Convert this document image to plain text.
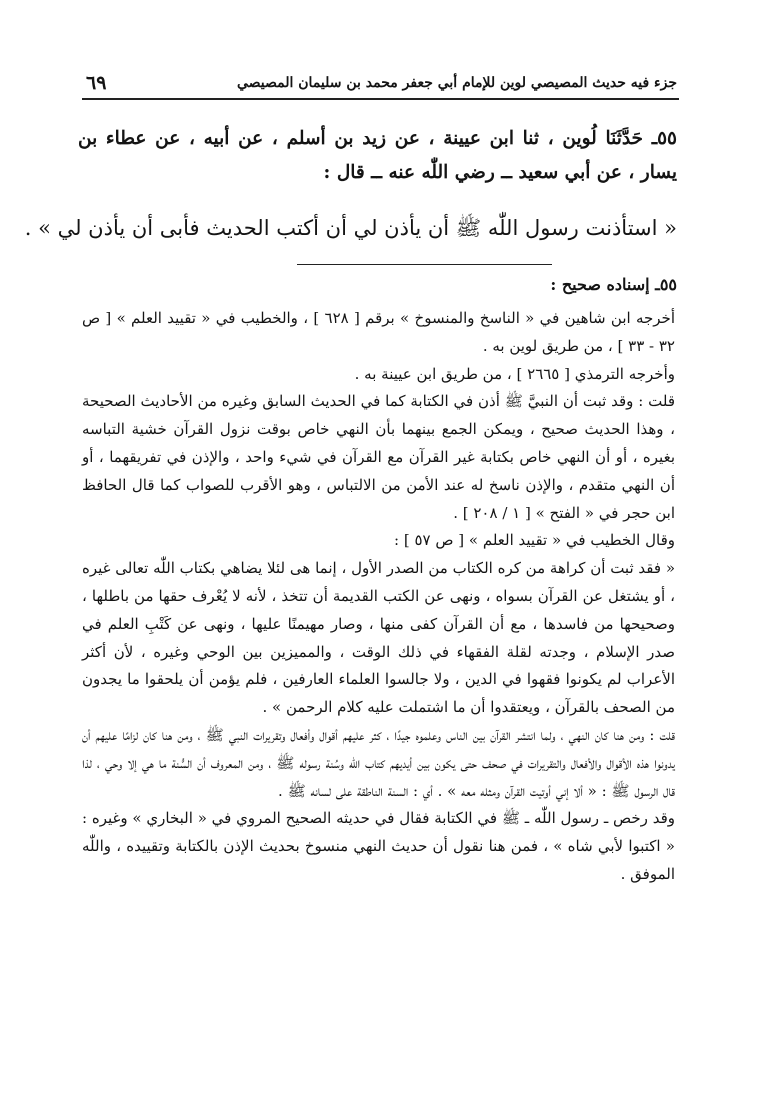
جزء فيه حديث المصيصي لوين للإمام أبي جعفر محمد بن سليمان المصيصي
٦٩
٥٥ـ حَدَّثَنَا لُوين ، ثنا ابن عيينة ، عن زيد بن أسلم ، عن أبيه ، عن عطاء بن يسار ، عن أبي سعيد ــ رضي اللّٰه عنه ــ قال :
« استأذنت رسول اللّٰه ﷺ أن يأذن لي أن أكتب الحديث فأبى أن يأذن لي » .
٥٥ـ إسناده صحيح :

أخرجه ابن شاهين في « الناسخ والمنسوخ » برقم [ ٦٢٨ ] ، والخطيب في « تقييد العلم » [ ص ٣٢ - ٣٣ ] ، من طريق لوين به .

وأخرجه الترمذي [ ٢٦٦٥ ] ، من طريق ابن عيينة به .

قلت : وقد ثبت أن النبيَّ ﷺ أذن في الكتابة كما في الحديث السابق وغيره من الأحاديث الصحيحة ، وهذا الحديث صحيح ، ويمكن الجمع بينهما بأن النهي خاص بوقت نزول القرآن خشية التباسه بغيره ، أو أن النهي خاص بكتابة غير القرآن مع القرآن في شيء واحد ، والإذن في تفريقهما ، أو أن النهي متقدم ، والإذن ناسخ له عند الأمن من الالتباس ، وهو الأقرب للصواب كما قال الحافظ ابن حجر في « الفتح » [ ١ / ٢٠٨ ] .

وقال الخطيب في « تقييد العلم » [ ص ٥٧ ] :

« فقد ثبت أن كراهة من كره الكتاب من الصدر الأول ، إنما هى لئلا يضاهي بكتاب اللّٰه تعالى غيره ، أو يشتغل عن القرآن بسواه ، ونهى عن الكتب القديمة أن تتخذ ، لأنه لا يُعْرف حقها من باطلها ، وصحيحها من فاسدها ، مع أن القرآن كفى منها ، وصار مهيمنًا عليها ، ونهى عن كَتْبِ العلم في صدر الإسلام ، وجدته لقلة الفقهاء في ذلك الوقت ، والمميزين بين الوحي وغيره ، لأن أكثر الأعراب لم يكونوا فقهوا في الدين ، ولا جالسوا العلماء العارفين ، فلم يؤمن أن يلحقوا ما يجدون من الصحف بالقرآن ، ويعتقدوا أن ما اشتملت عليه كلام الرحمن » .

قلت : ومن هنا كان النهي ، ولما انتشر القرآن بين الناس وعلموه جيدًا ، كثر عليهم أقوال وأفعال وتقريرات النبي ﷺ ، ومن هنا كان لزامًا عليهم أن يدونوا هذه الأقوال والأفعال والتقريرات في صحف حتى يكون بين أيديهم كتاب اللّٰه وسُنة رسوله ﷺ ، ومن المعروف أن السُّنة ما هي إلا وحي ، لذا قال الرسول ﷺ : « ألا إني أوتيت القرآن ومثله معه » . أي : السنة الناطقة على لسانه ﷺ .

وقد رخص ـ رسول اللّٰه ـ ﷺ في الكتابة فقال في حديثه الصحيح المروي في « البخاري » وغيره : « اكتبوا لأبي شاه » ، فمن هنا نقول أن حديث النهي منسوخ بحديث الإذن بالكتابة وتقييده ، واللّٰه الموفق .
